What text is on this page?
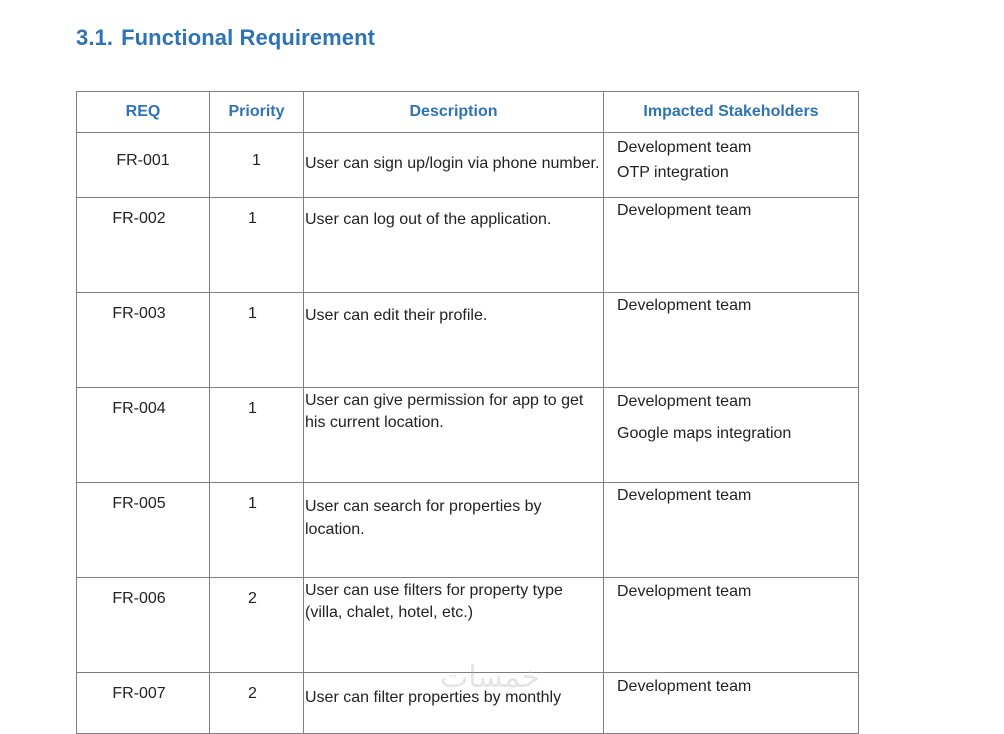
3.1. Functional Requirement
REQ	Priority	Description	Impacted Stakeholders

FR-001	1	User can sign up/login via phone number.	Development team
OTP integration

FR-002	1	User can log out of the application.	Development team

FR-003	1	User can edit their profile.	Development team

FR-004	1	User can give permission for app to get his current location.	Development team
Google maps integration

FR-005	1	User can search for properties by location.	Development team

FR-006	2	User can use filters for property type (villa, chalet, hotel, etc.)	Development team

FR-007	2	User can filter properties by monthly	Development team
خمسات
